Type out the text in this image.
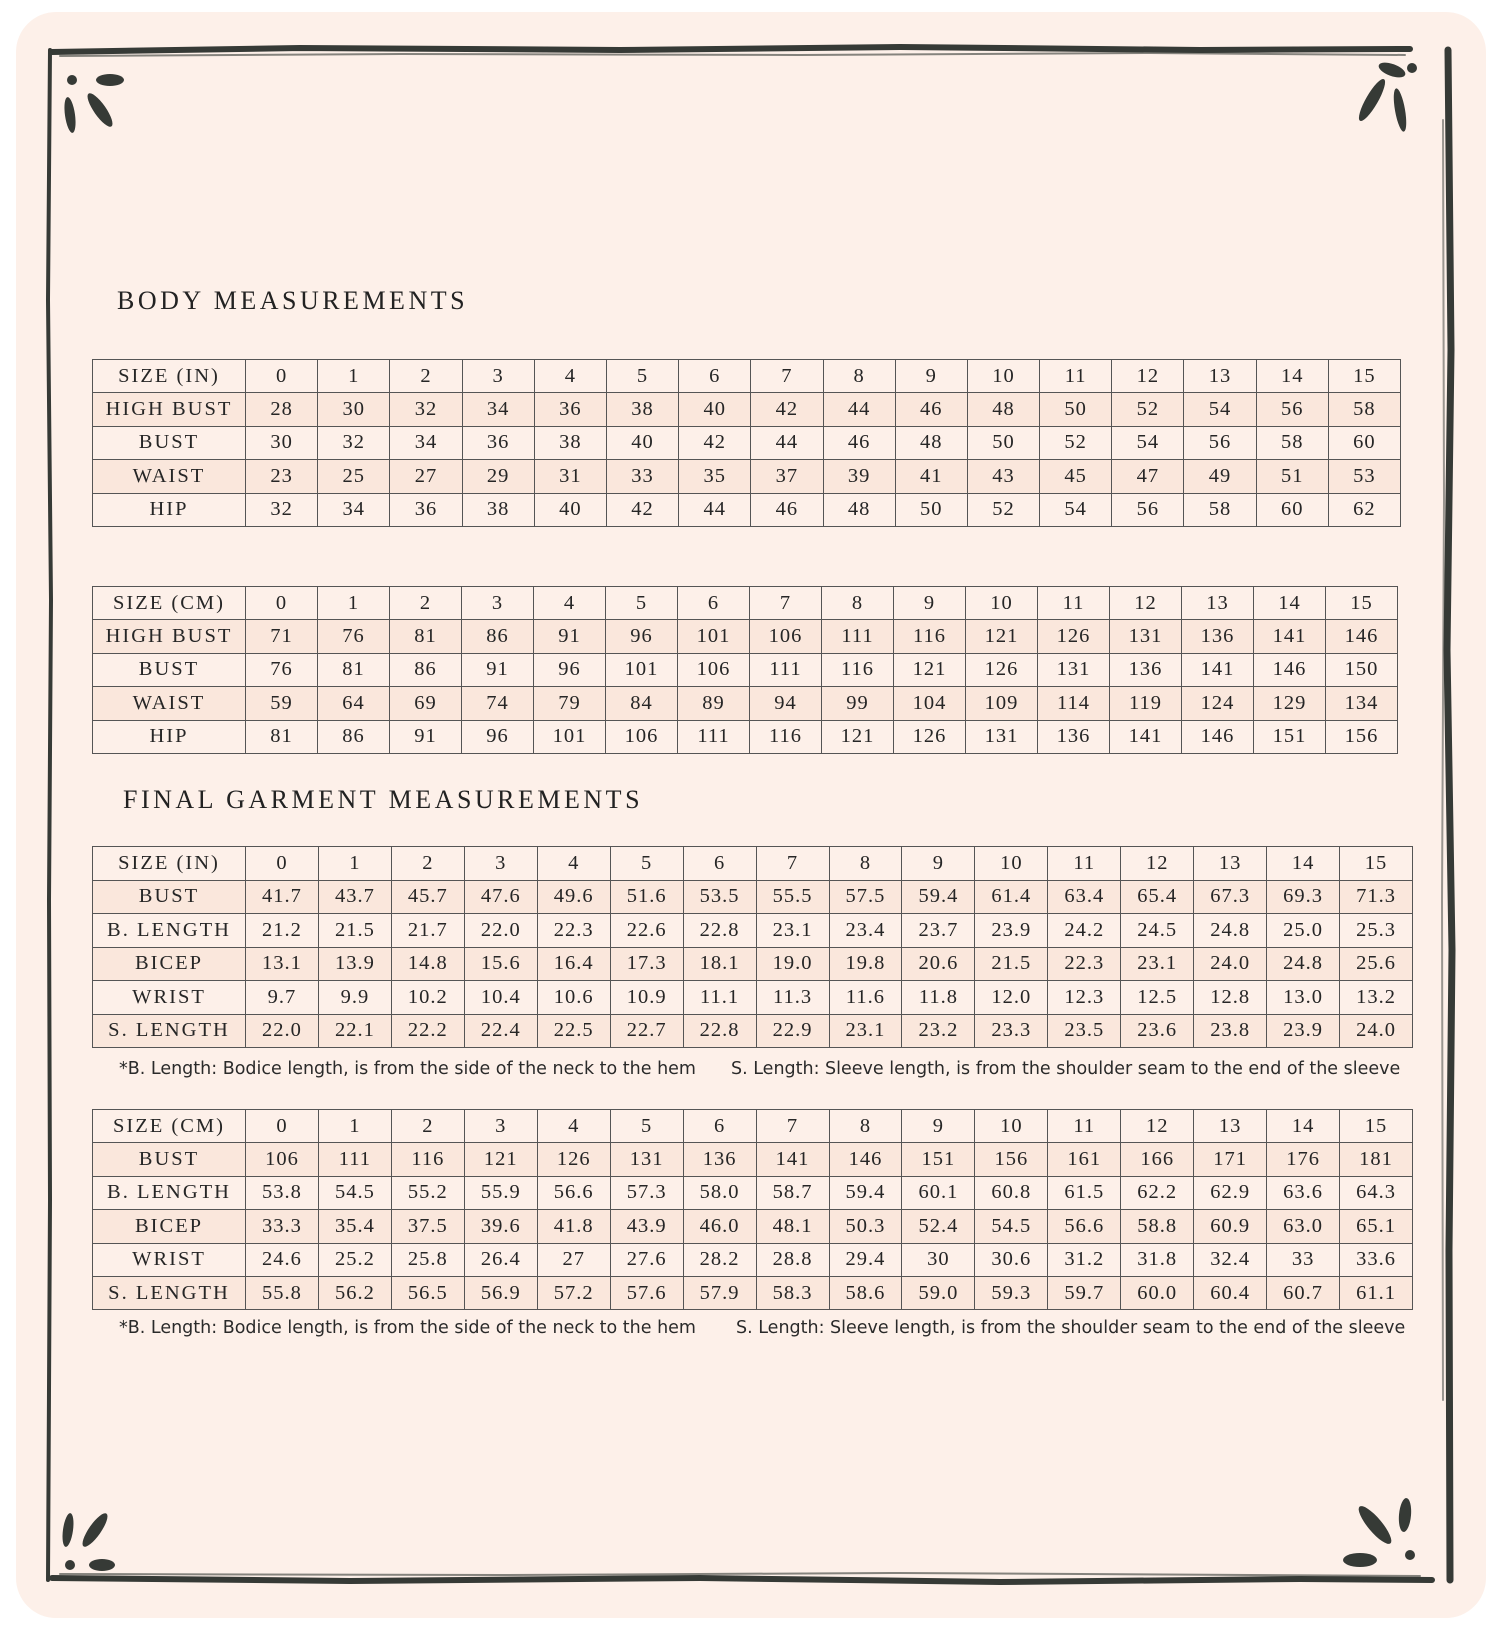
BODY MEASUREMENTS
SIZE (IN)	0	1	2	3	4	5	6	7	8	9	10	11	12	13	14	15
HIGH BUST	28	30	32	34	36	38	40	42	44	46	48	50	52	54	56	58
BUST	30	32	34	36	38	40	42	44	46	48	50	52	54	56	58	60
WAIST	23	25	27	29	31	33	35	37	39	41	43	45	47	49	51	53
HIP	32	34	36	38	40	42	44	46	48	50	52	54	56	58	60	62
SIZE (CM)	0	1	2	3	4	5	6	7	8	9	10	11	12	13	14	15
HIGH BUST	71	76	81	86	91	96	101	106	111	116	121	126	131	136	141	146
BUST	76	81	86	91	96	101	106	111	116	121	126	131	136	141	146	150
WAIST	59	64	69	74	79	84	89	94	99	104	109	114	119	124	129	134
HIP	81	86	91	96	101	106	111	116	121	126	131	136	141	146	151	156
FINAL GARMENT MEASUREMENTS
SIZE (IN)	0	1	2	3	4	5	6	7	8	9	10	11	12	13	14	15
BUST	41.7	43.7	45.7	47.6	49.6	51.6	53.5	55.5	57.5	59.4	61.4	63.4	65.4	67.3	69.3	71.3
B. LENGTH	21.2	21.5	21.7	22.0	22.3	22.6	22.8	23.1	23.4	23.7	23.9	24.2	24.5	24.8	25.0	25.3
BICEP	13.1	13.9	14.8	15.6	16.4	17.3	18.1	19.0	19.8	20.6	21.5	22.3	23.1	24.0	24.8	25.6
WRIST	9.7	9.9	10.2	10.4	10.6	10.9	11.1	11.3	11.6	11.8	12.0	12.3	12.5	12.8	13.0	13.2
S. LENGTH	22.0	22.1	22.2	22.4	22.5	22.7	22.8	22.9	23.1	23.2	23.3	23.5	23.6	23.8	23.9	24.0
*B. Length: Bodice length, is from the side of the neck to the hem S. Length: Sleeve length, is from the shoulder seam to the end of the sleeve
SIZE (CM)	0	1	2	3	4	5	6	7	8	9	10	11	12	13	14	15
BUST	106	111	116	121	126	131	136	141	146	151	156	161	166	171	176	181
B. LENGTH	53.8	54.5	55.2	55.9	56.6	57.3	58.0	58.7	59.4	60.1	60.8	61.5	62.2	62.9	63.6	64.3
BICEP	33.3	35.4	37.5	39.6	41.8	43.9	46.0	48.1	50.3	52.4	54.5	56.6	58.8	60.9	63.0	65.1
WRIST	24.6	25.2	25.8	26.4	27	27.6	28.2	28.8	29.4	30	30.6	31.2	31.8	32.4	33	33.6
S. LENGTH	55.8	56.2	56.5	56.9	57.2	57.6	57.9	58.3	58.6	59.0	59.3	59.7	60.0	60.4	60.7	61.1
*B. Length: Bodice length, is from the side of the neck to the hem S. Length: Sleeve length, is from the shoulder seam to the end of the sleeve
